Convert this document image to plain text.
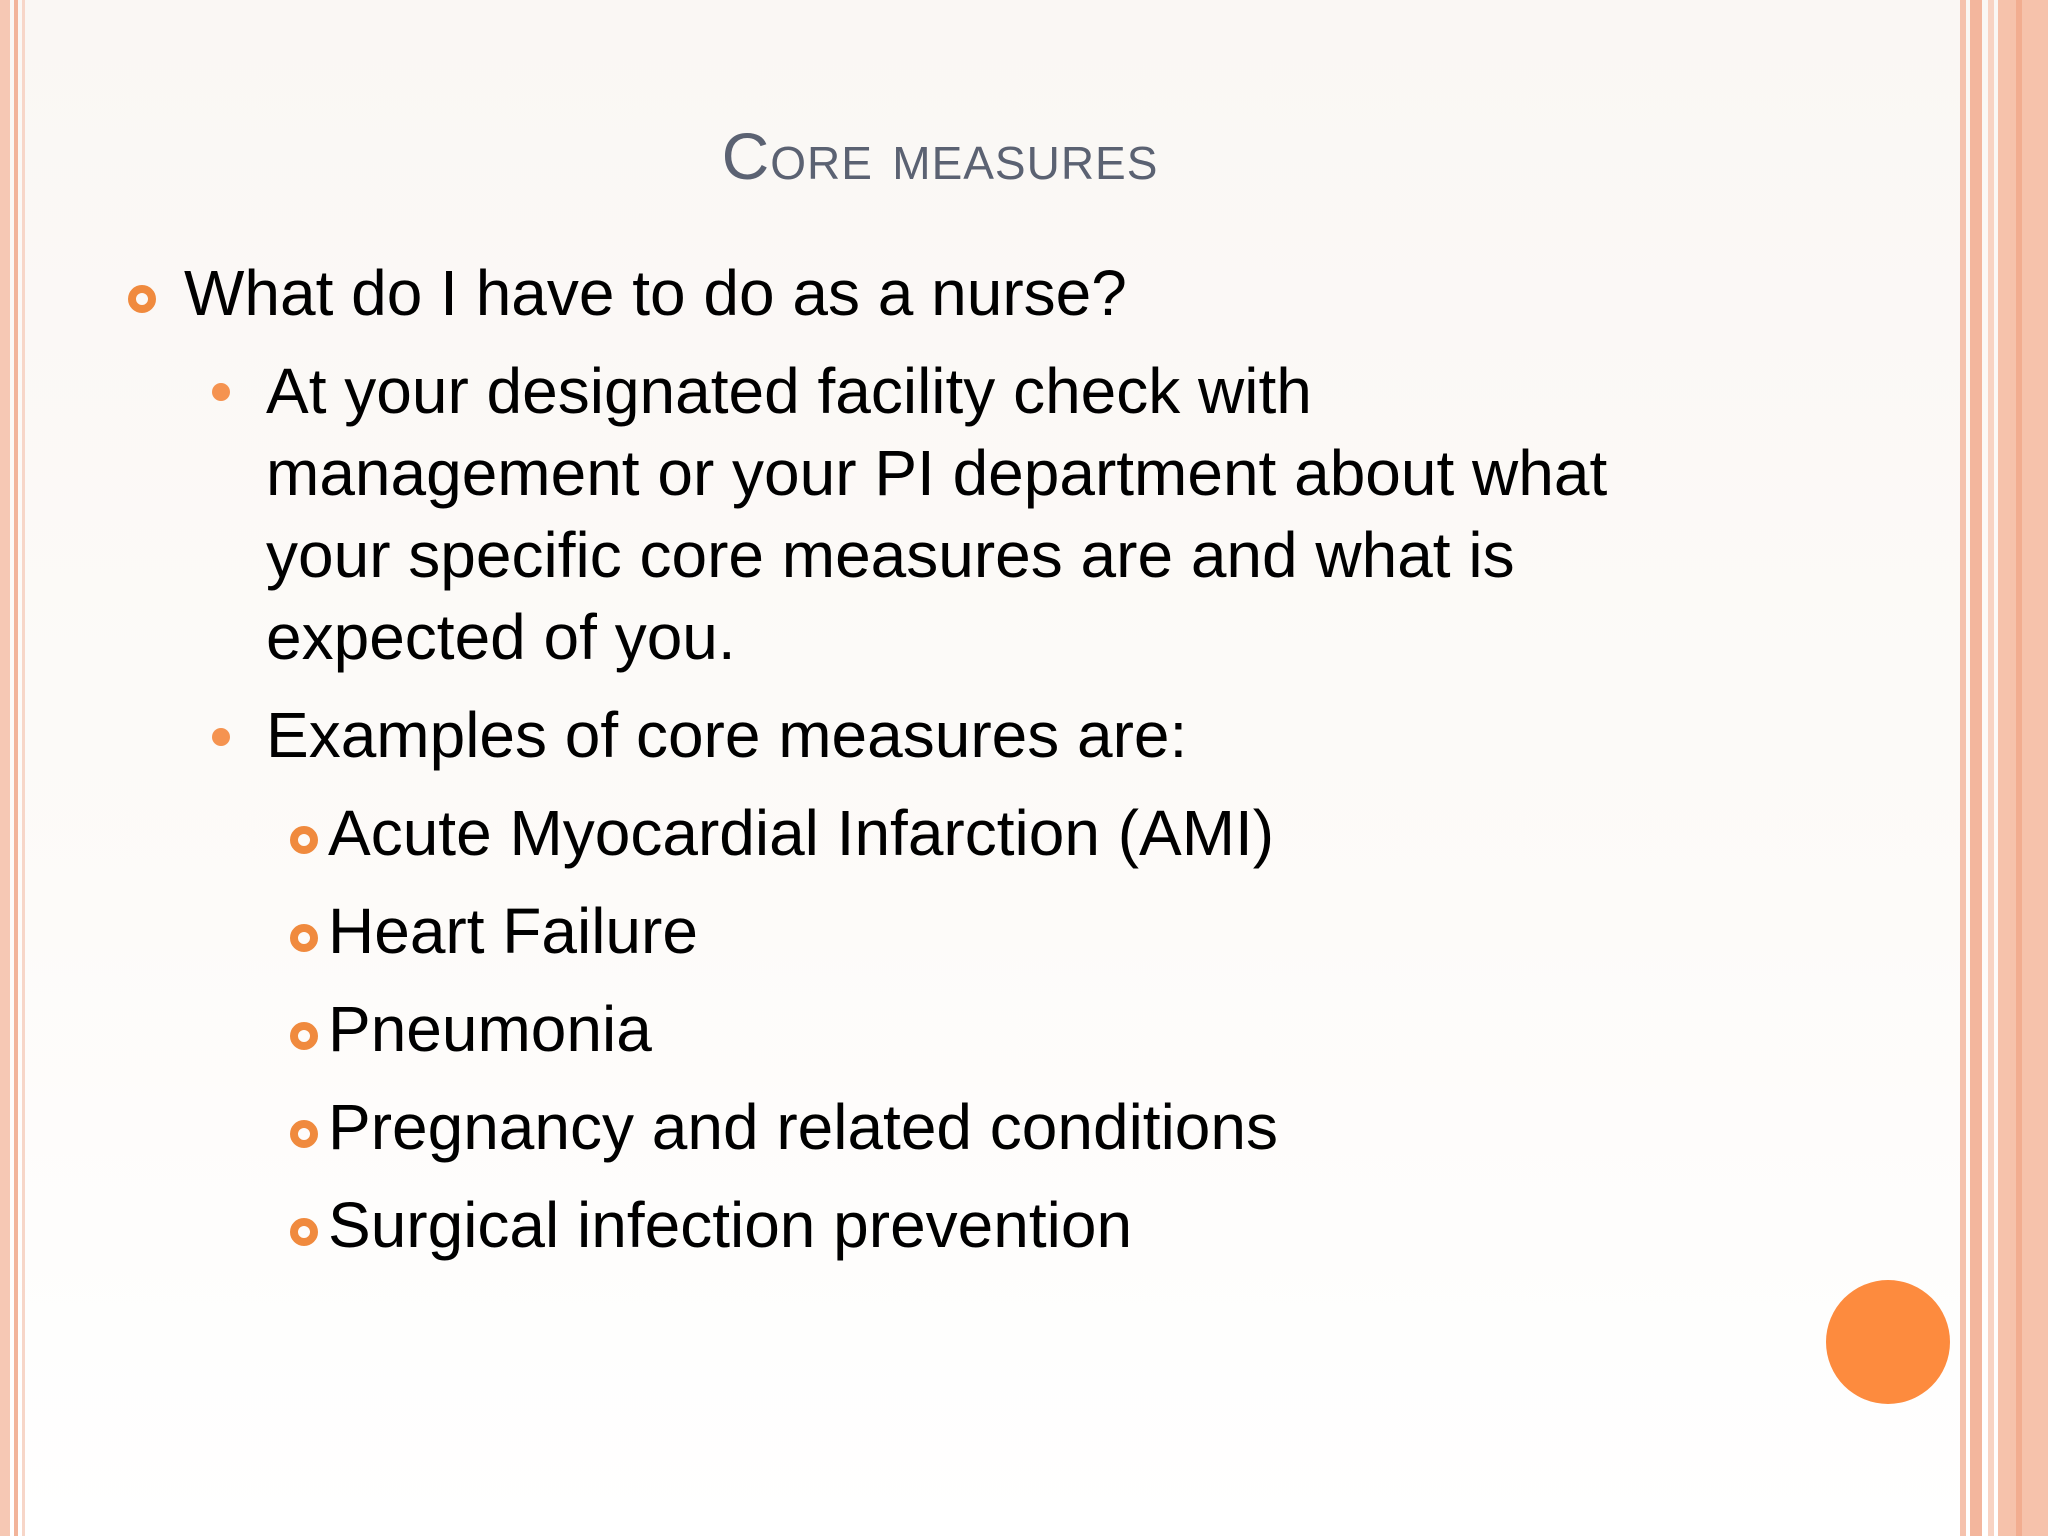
Core measures
What do I have to do as a nurse?
At your designated facility check with
management or your PI department about what
your specific core measures are and what is
expected of you.
Examples of core measures are:
Acute Myocardial Infarction (AMI)
Heart Failure
Pneumonia
Pregnancy and related conditions
Surgical infection prevention
